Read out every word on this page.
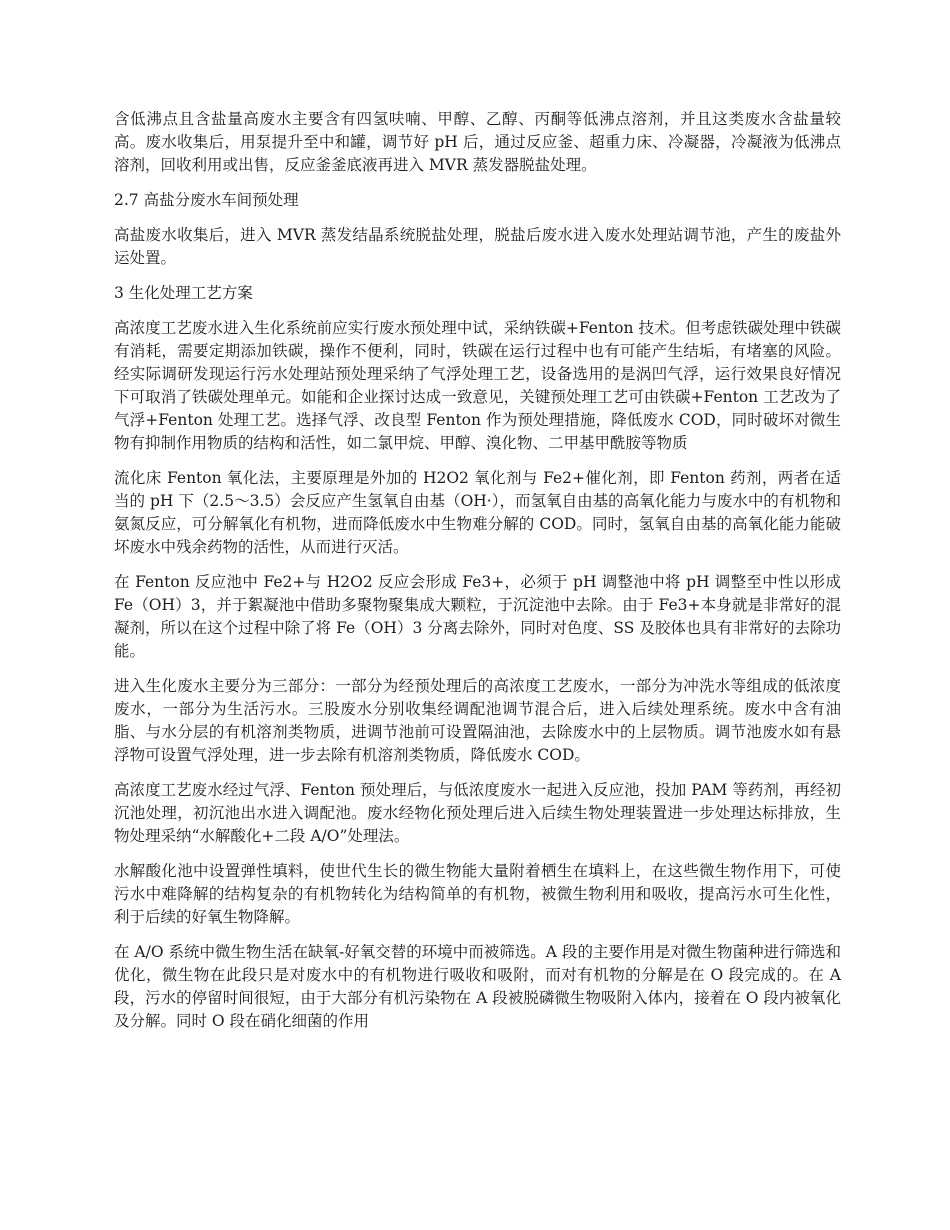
含低沸点且含盐量高废水主要含有四氢呋喃、甲醇、乙醇、丙酮等低沸点溶剂，并且这类废水含盐量较高。废水收集后，用泵提升至中和罐，调节好 pH 后，通过反应釜、超重力床、冷凝器，冷凝液为低沸点溶剂，回收利用或出售，反应釜釜底液再进入 MVR 蒸发器脱盐处理。

2.7 高盐分废水车间预处理

高盐废水收集后，进入 MVR 蒸发结晶系统脱盐处理，脱盐后废水进入废水处理站调节池，产生的废盐外运处置。

3 生化处理工艺方案

高浓度工艺废水进入生化系统前应实行废水预处理中试，采纳铁碳+Fenton 技术。但考虑铁碳处理中铁碳有消耗，需要定期添加铁碳，操作不便利，同时，铁碳在运行过程中也有可能产生结垢，有堵塞的风险。经实际调研发现运行污水处理站预处理采纳了气浮处理工艺，设备选用的是涡凹气浮，运行效果良好情况下可取消了铁碳处理单元。如能和企业探讨达成一致意见，关键预处理工艺可由铁碳+Fenton 工艺改为了气浮+Fenton 处理工艺。选择气浮、改良型 Fenton 作为预处理措施，降低废水 COD，同时破坏对微生物有抑制作用物质的结构和活性，如二氯甲烷、甲醇、溴化物、二甲基甲酰胺等物质

流化床 Fenton 氧化法，主要原理是外加的 H2O2 氧化剂与 Fe2+催化剂，即 Fenton 药剂，两者在适当的 pH 下（2.5～3.5）会反应产生氢氧自由基（OH·），而氢氧自由基的高氧化能力与废水中的有机物和氨氮反应，可分解氧化有机物，进而降低废水中生物难分解的 COD。同时，氢氧自由基的高氧化能力能破坏废水中残余药物的活性，从而进行灭活。

在 Fenton 反应池中 Fe2+与 H2O2 反应会形成 Fe3+，必须于 pH 调整池中将 pH 调整至中性以形成 Fe（OH）3，并于絮凝池中借助多聚物聚集成大颗粒，于沉淀池中去除。由于 Fe3+本身就是非常好的混凝剂，所以在这个过程中除了将 Fe（OH）3 分离去除外，同时对色度、SS 及胶体也具有非常好的去除功能。

进入生化废水主要分为三部分：一部分为经预处理后的高浓度工艺废水，一部分为冲洗水等组成的低浓度废水，一部分为生活污水。三股废水分别收集经调配池调节混合后，进入后续处理系统。废水中含有油脂、与水分层的有机溶剂类物质，进调节池前可设置隔油池，去除废水中的上层物质。调节池废水如有悬浮物可设置气浮处理，进一步去除有机溶剂类物质，降低废水 COD。

高浓度工艺废水经过气浮、Fenton 预处理后，与低浓度废水一起进入反应池，投加 PAM 等药剂，再经初沉池处理，初沉池出水进入调配池。废水经物化预处理后进入后续生物处理装置进一步处理达标排放，生物处理采纳“水解酸化+二段 A/O”处理法。

水解酸化池中设置弹性填料，使世代生长的微生物能大量附着栖生在填料上，在这些微生物作用下，可使污水中难降解的结构复杂的有机物转化为结构简单的有机物，被微生物利用和吸收，提高污水可生化性，利于后续的好氧生物降解。

在 A/O 系统中微生物生活在缺氧-好氧交替的环境中而被筛选。A 段的主要作用是对微生物菌种进行筛选和优化，微生物在此段只是对废水中的有机物进行吸收和吸附，而对有机物的分解是在 O 段完成的。在 A 段，污水的停留时间很短，由于大部分有机污染物在 A 段被脱磷微生物吸附入体内，接着在 O 段内被氧化及分解。同时 O 段在硝化细菌的作用
